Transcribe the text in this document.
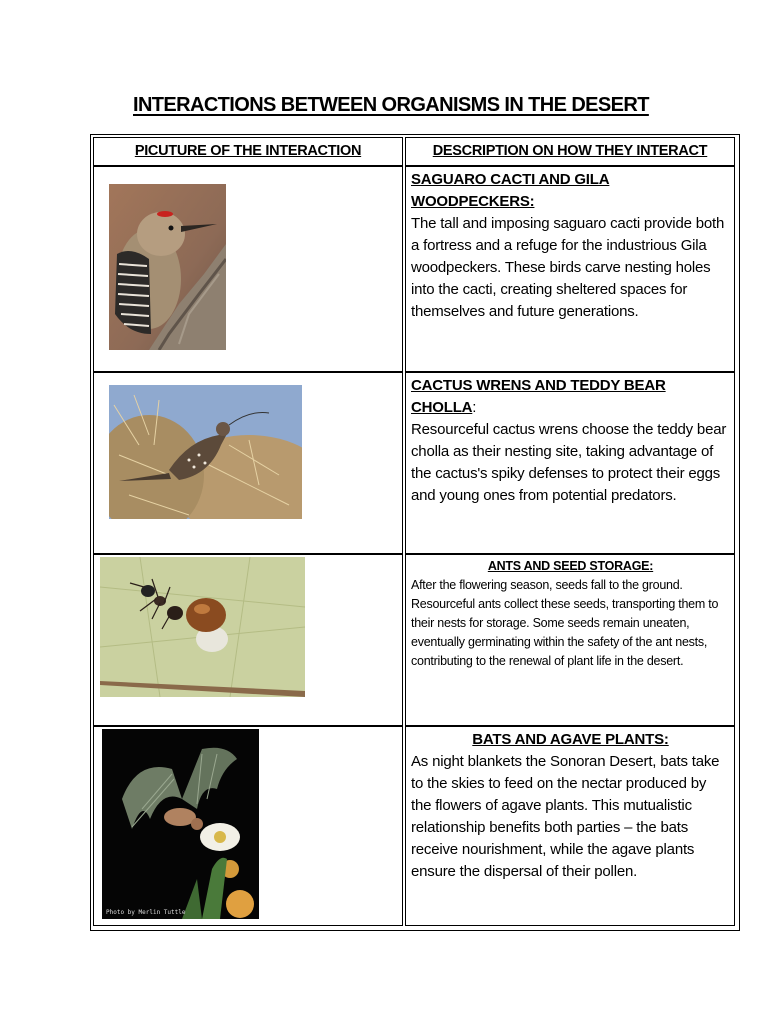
INTERACTIONS BETWEEN ORGANISMS IN THE DESERT
PICUTURE OF THE INTERACTION	DESCRIPTION ON HOW THEY INTERACT
SAGUARO CACTI AND GILA WOODPECKERS:
The tall and imposing saguaro cacti provide both a fortress and a refuge for the industrious Gila woodpeckers. These birds carve nesting holes into the cacti, creating sheltered spaces for themselves and future generations.
CACTUS WRENS AND TEDDY BEAR CHOLLA:
Resourceful cactus wrens choose the teddy bear cholla as their nesting site, taking advantage of the cactus's spiky defenses to protect their eggs and young ones from potential predators.
ANTS AND SEED STORAGE:
After the flowering season, seeds fall to the ground. Resourceful ants collect these seeds, transporting them to their nests for storage. Some seeds remain uneaten, eventually germinating within the safety of the ant nests, contributing to the renewal of plant life in the desert.
Photo by Merlin Tuttle
BATS AND AGAVE PLANTS:
As night blankets the Sonoran Desert, bats take to the skies to feed on the nectar produced by the flowers of agave plants. This mutualistic relationship benefits both parties – the bats receive nourishment, while the agave plants ensure the dispersal of their pollen.
